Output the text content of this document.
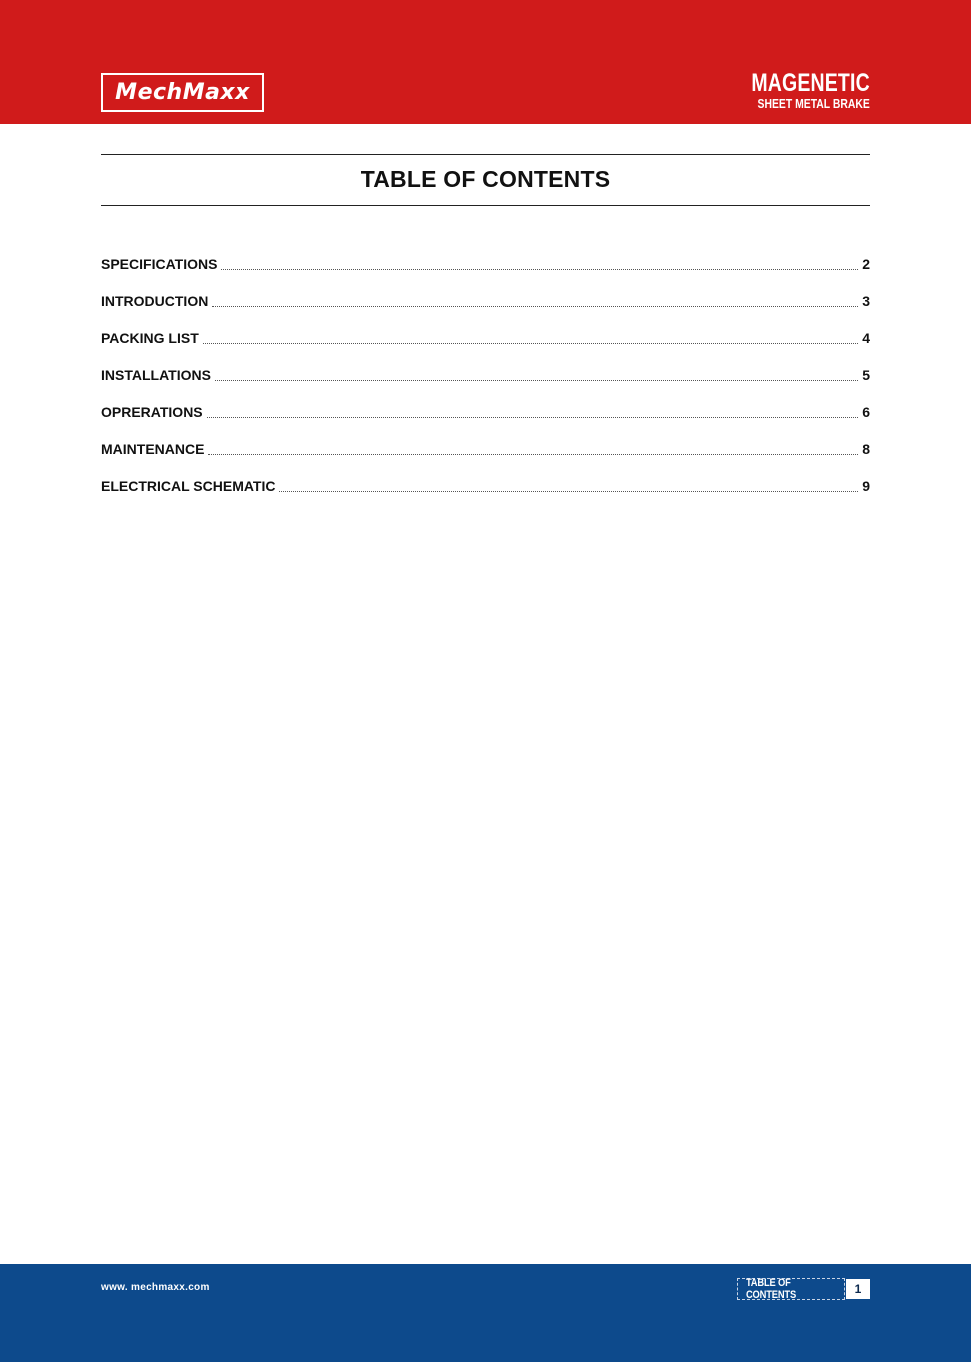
MechMaxx	MAGENETIC
SHEET METAL BRAKE
TABLE OF CONTENTS
SPECIFICATIONS	2
INTRODUCTION	3
PACKING LIST	4
INSTALLATIONS	5
OPRERATIONS	6
MAINTENANCE	8
ELECTRICAL SCHEMATIC	9
www. mechmaxx.com	TABLE OF CONTENTS	1
